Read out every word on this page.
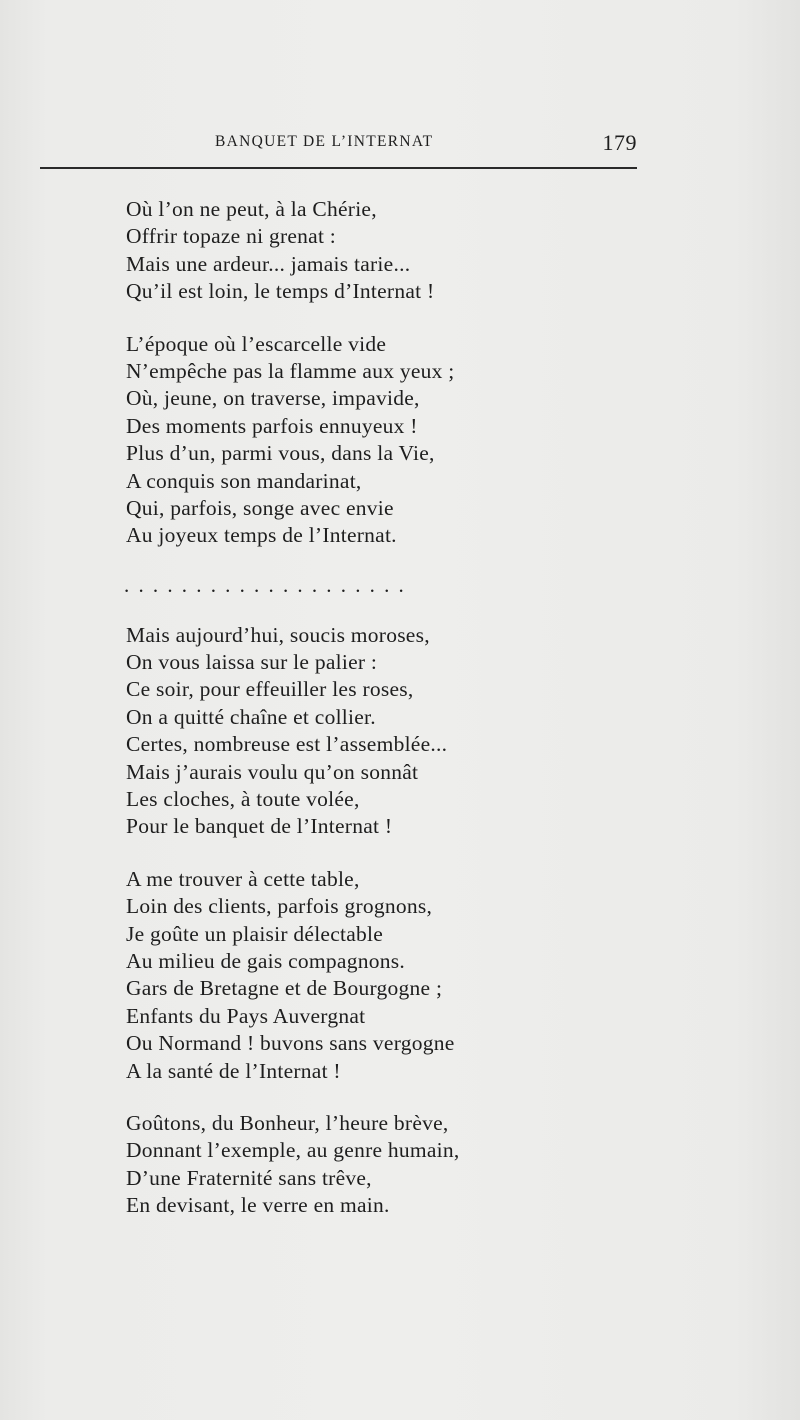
BANQUET DE L’INTERNAT	179
Où l’on ne peut, à la Chérie,
Offrir topaze ni grenat :
Mais une ardeur... jamais tarie...
Qu’il est loin, le temps d’Internat !
L’époque où l’escarcelle vide
N’empêche pas la flamme aux yeux ;
Où, jeune, on traverse, impavide,
Des moments parfois ennuyeux !
Plus d’un, parmi vous, dans la Vie,
A conquis son mandarinat,
Qui, parfois, songe avec envie
Au joyeux temps de l’Internat.
....................
Mais aujourd’hui, soucis moroses,
On vous laissa sur le palier :
Ce soir, pour effeuiller les roses,
On a quitté chaîne et collier.
Certes, nombreuse est l’assemblée...
Mais j’aurais voulu qu’on sonnât
Les cloches, à toute volée,
Pour le banquet de l’Internat !
A me trouver à cette table,
Loin des clients, parfois grognons,
Je goûte un plaisir délectable
Au milieu de gais compagnons.
Gars de Bretagne et de Bourgogne ;
Enfants du Pays Auvergnat
Ou Normand ! buvons sans vergogne
A la santé de l’Internat !
Goûtons, du Bonheur, l’heure brève,
Donnant l’exemple, au genre humain,
D’une Fraternité sans trêve,
En devisant, le verre en main.
